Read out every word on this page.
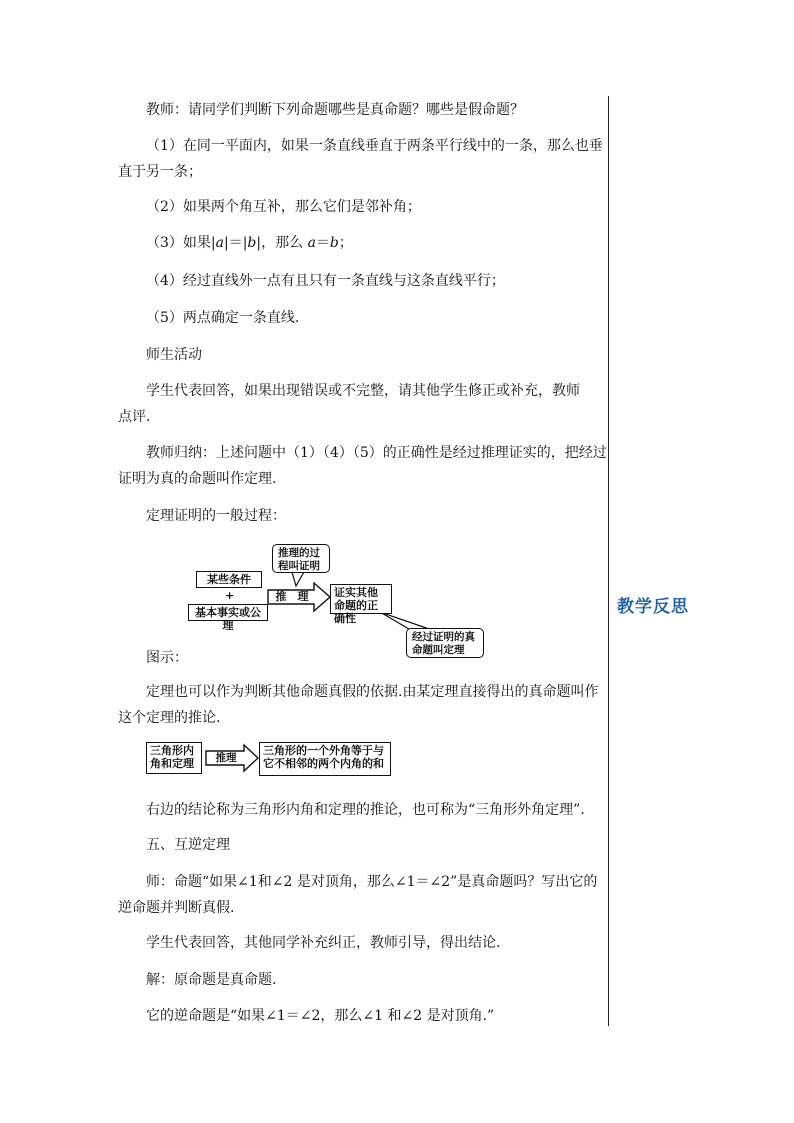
教学反思
教师：请同学们判断下列命题哪些是真命题？哪些是假命题？
（1）在同一平面内，如果一条直线垂直于两条平行线中的一条，那么也垂
直于另一条；
（2）如果两个角互补，那么它们是邻补角；
（3）如果|a|＝|b|，那么 a＝b；
（4）经过直线外一点有且只有一条直线与这条直线平行；
（5）两点确定一条直线.
师生活动
学生代表回答，如果出现错误或不完整，请其他学生修正或补充，教师
点评.
教师归纳：上述问题中（1）（4）（5）的正确性是经过推理证实的，把经过
证明为真的命题叫作定理.
定理证明的一般过程：
某些条件
+
基本事实或公理
推　理	证实其他命题的正确性
推理的过程叫证明
经过证明的真命题叫定理
图示：
定理也可以作为判断其他命题真假的依据.由某定理直接得出的真命题叫作
这个定理的推论.
三角形内角和定理	推理
三角形的一个外角等于与它不相邻的两个内角的和
右边的结论称为三角形内角和定理的推论，也可称为“三角形外角定理”.
五、互逆定理
师：命题“如果∠1和∠2 是对顶角，那么∠1＝∠2”是真命题吗？写出它的
逆命题并判断真假.
学生代表回答，其他同学补充纠正，教师引导，得出结论.
解：原命题是真命题.
它的逆命题是“如果∠1＝∠2，那么∠1 和∠2 是对顶角.”
